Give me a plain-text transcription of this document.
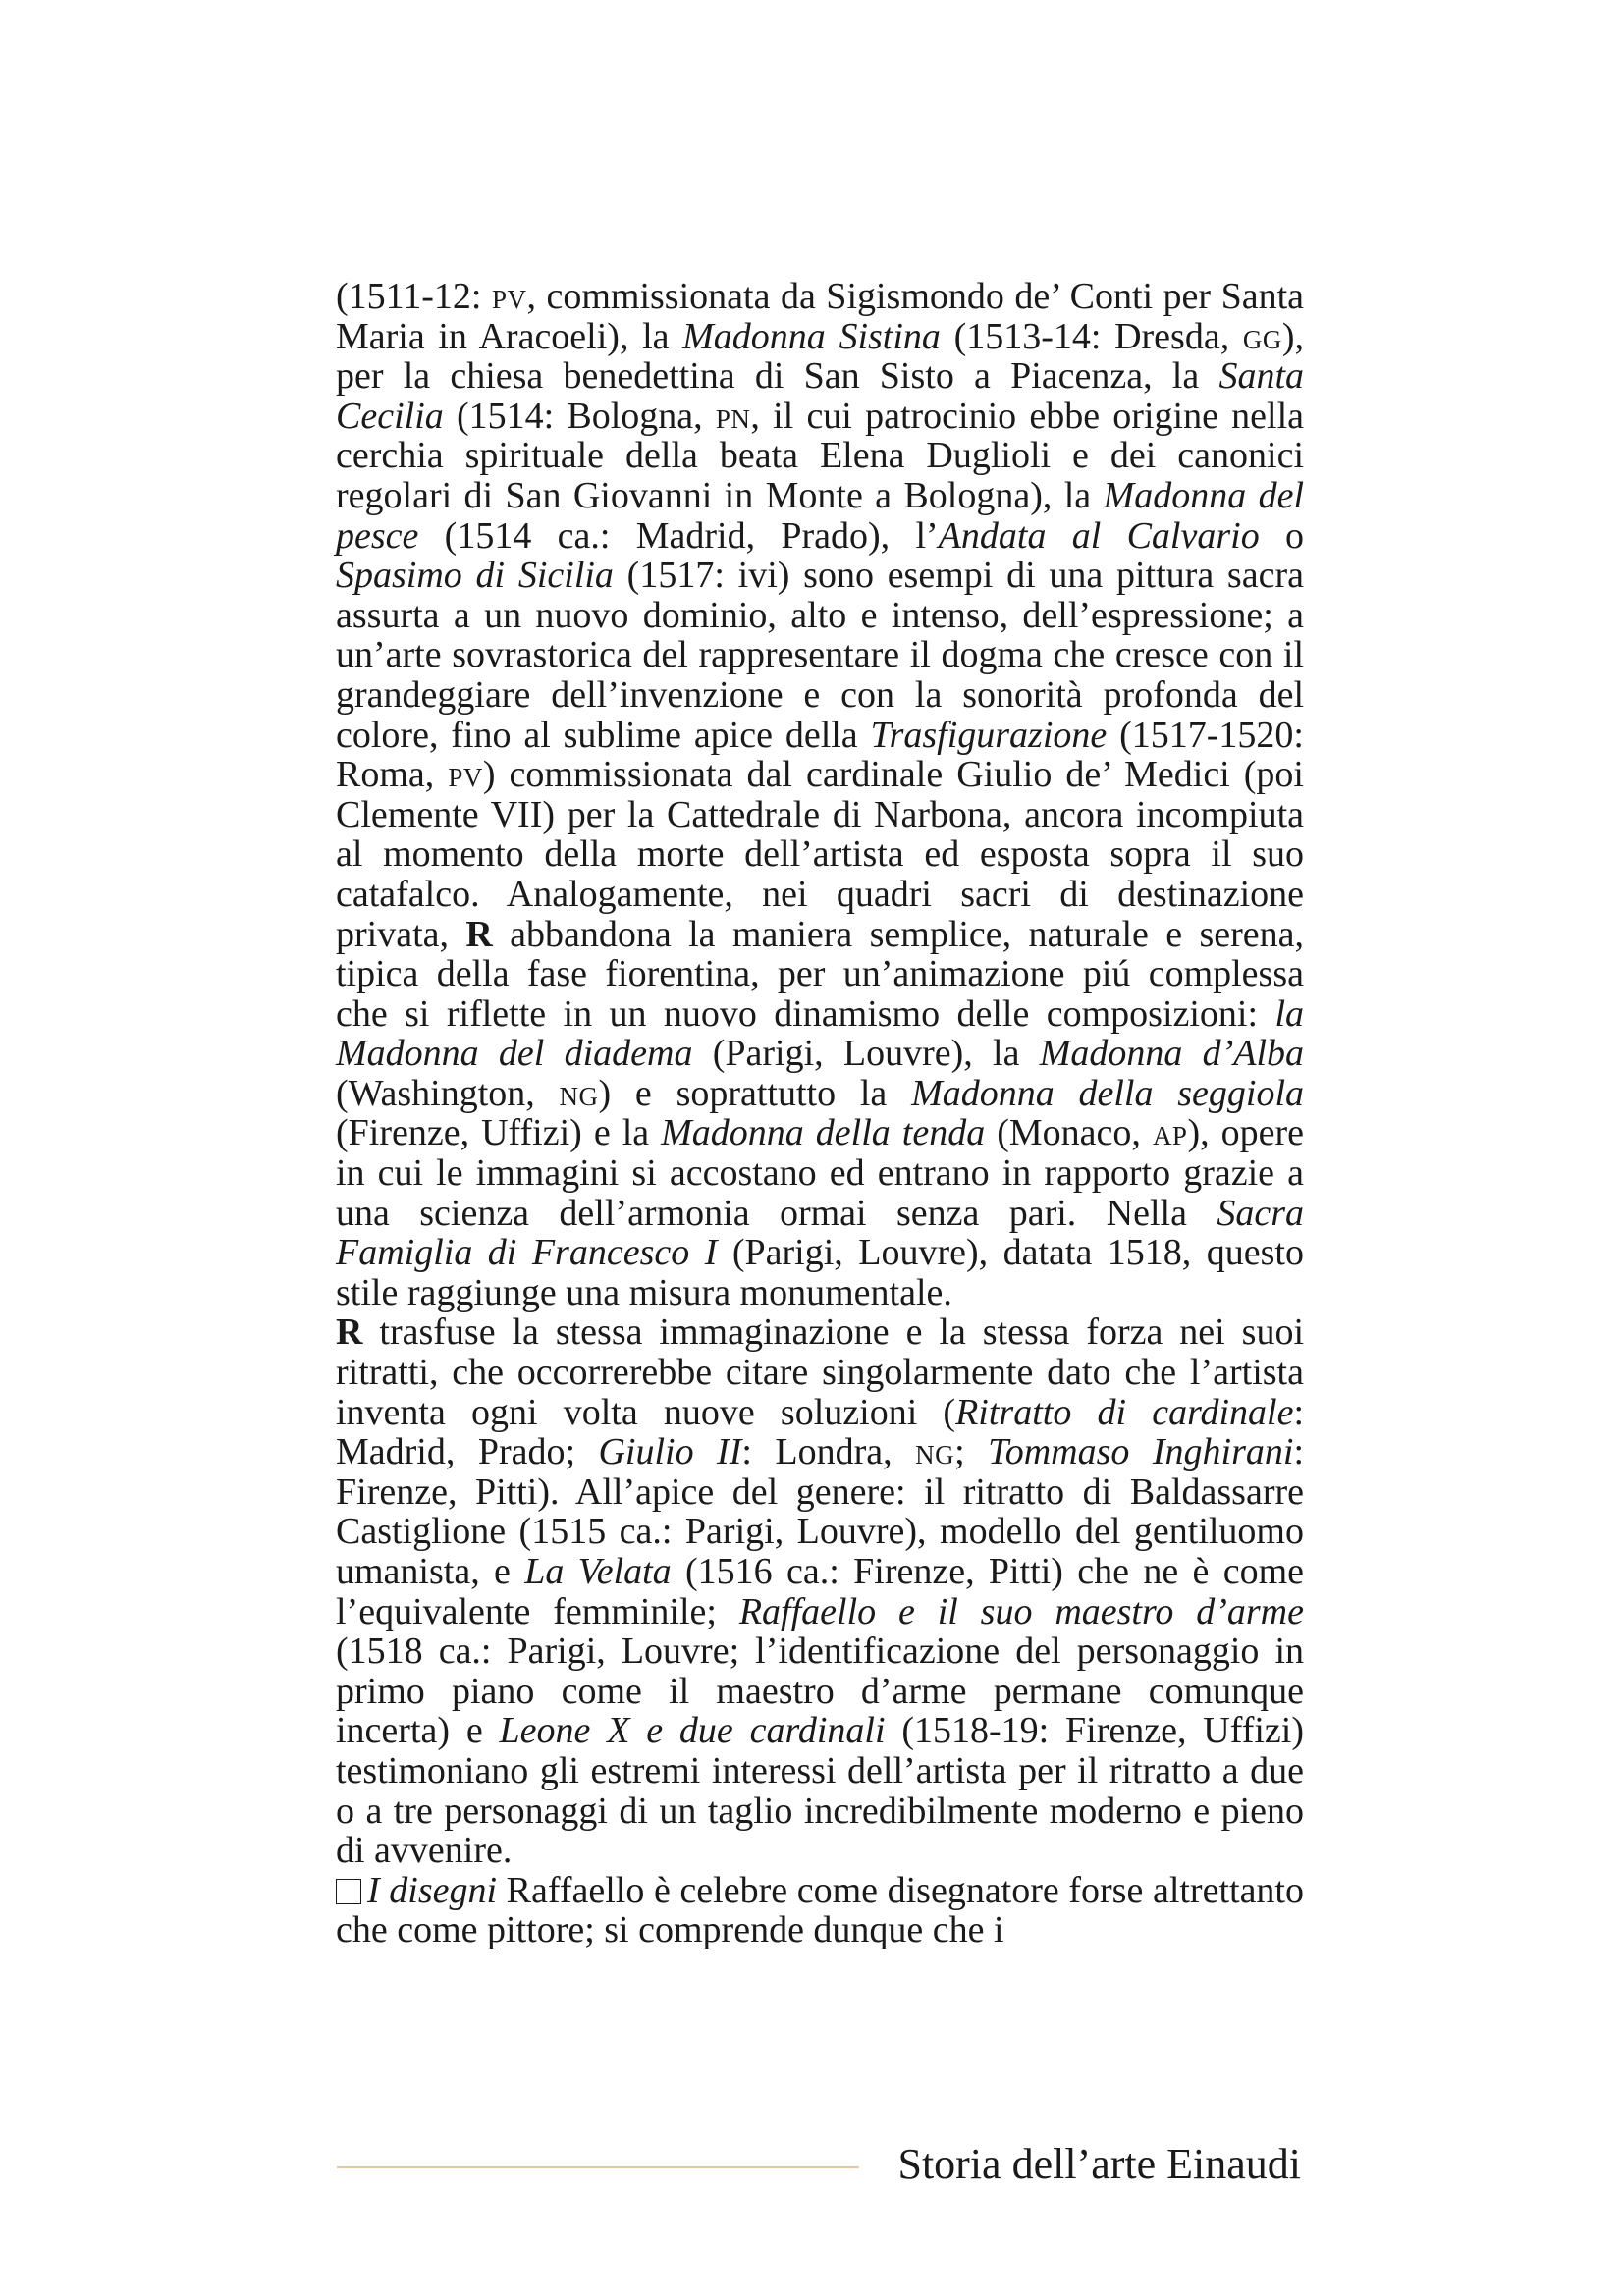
(1511-12: pv, commissionata da Sigismondo de’ Conti per Santa Maria in Aracoeli), la Madonna Sistina (1513-14: Dresda, gg), per la chiesa benedettina di San Sisto a Piacenza, la Santa Cecilia (1514: Bologna, pn, il cui patrocinio ebbe origine nella cerchia spirituale della beata Elena Duglioli e dei canonici regolari di San Giovanni in Monte a Bologna), la Madonna del pesce (1514 ca.: Madrid, Prado), l’Andata al Calvario o Spasimo di Sicilia (1517: ivi) sono esempi di una pittura sacra assurta a un nuovo dominio, alto e intenso, dell’espressione; a un’arte sovrastorica del rappresentare il dogma che cresce con il grandeggiare dell’invenzione e con la sonorità profonda del colore, fino al sublime apice della Trasfigurazione (1517-1520: Roma, pv) commissionata dal cardinale Giulio de’ Medici (poi Clemente VII) per la Cattedrale di Narbona, ancora incompiuta al momento della morte dell’artista ed esposta sopra il suo catafalco. Analogamente, nei quadri sacri di destinazione privata, R abbandona la maniera semplice, naturale e serena, tipica della fase fiorentina, per un’animazione piú complessa che si riflette in un nuovo dinamismo delle composizioni: la Madonna del diadema (Parigi, Louvre), la Madonna d’Alba (Washington, ng) e soprattutto la Madonna della seggiola (Firenze, Uffizi) e la Madonna della tenda (Monaco, ap), opere in cui le immagini si accostano ed entrano in rapporto grazie a una scienza dell’armonia ormai senza pari. Nella Sacra Famiglia di Francesco I (Parigi, Louvre), datata 1518, questo stile raggiunge una misura monumentale.

R trasfuse la stessa immaginazione e la stessa forza nei suoi ritratti, che occorrerebbe citare singolarmente dato che l’artista inventa ogni volta nuove soluzioni (Ritratto di cardinale: Madrid, Prado; Giulio II: Londra, ng; Tommaso Inghirani: Firenze, Pitti). All’apice del genere: il ritratto di Baldassarre Castiglione (1515 ca.: Parigi, Louvre), modello del gentiluomo umanista, e La Velata (1516 ca.: Firenze, Pitti) che ne è come l’equivalente femminile; Raffaello e il suo maestro d’arme (1518 ca.: Parigi, Louvre; l’identificazione del personaggio in primo piano come il maestro d’arme permane comunque incerta) e Leone X e due cardinali (1518-19: Firenze, Uffizi) testimoniano gli estremi interessi dell’artista per il ritratto a due o a tre personaggi di un taglio incredibilmente moderno e pieno di avvenire.

I disegni Raffaello è celebre come disegnatore forse altrettanto che come pittore; si comprende dunque che i

Storia dell’arte Einaudi
